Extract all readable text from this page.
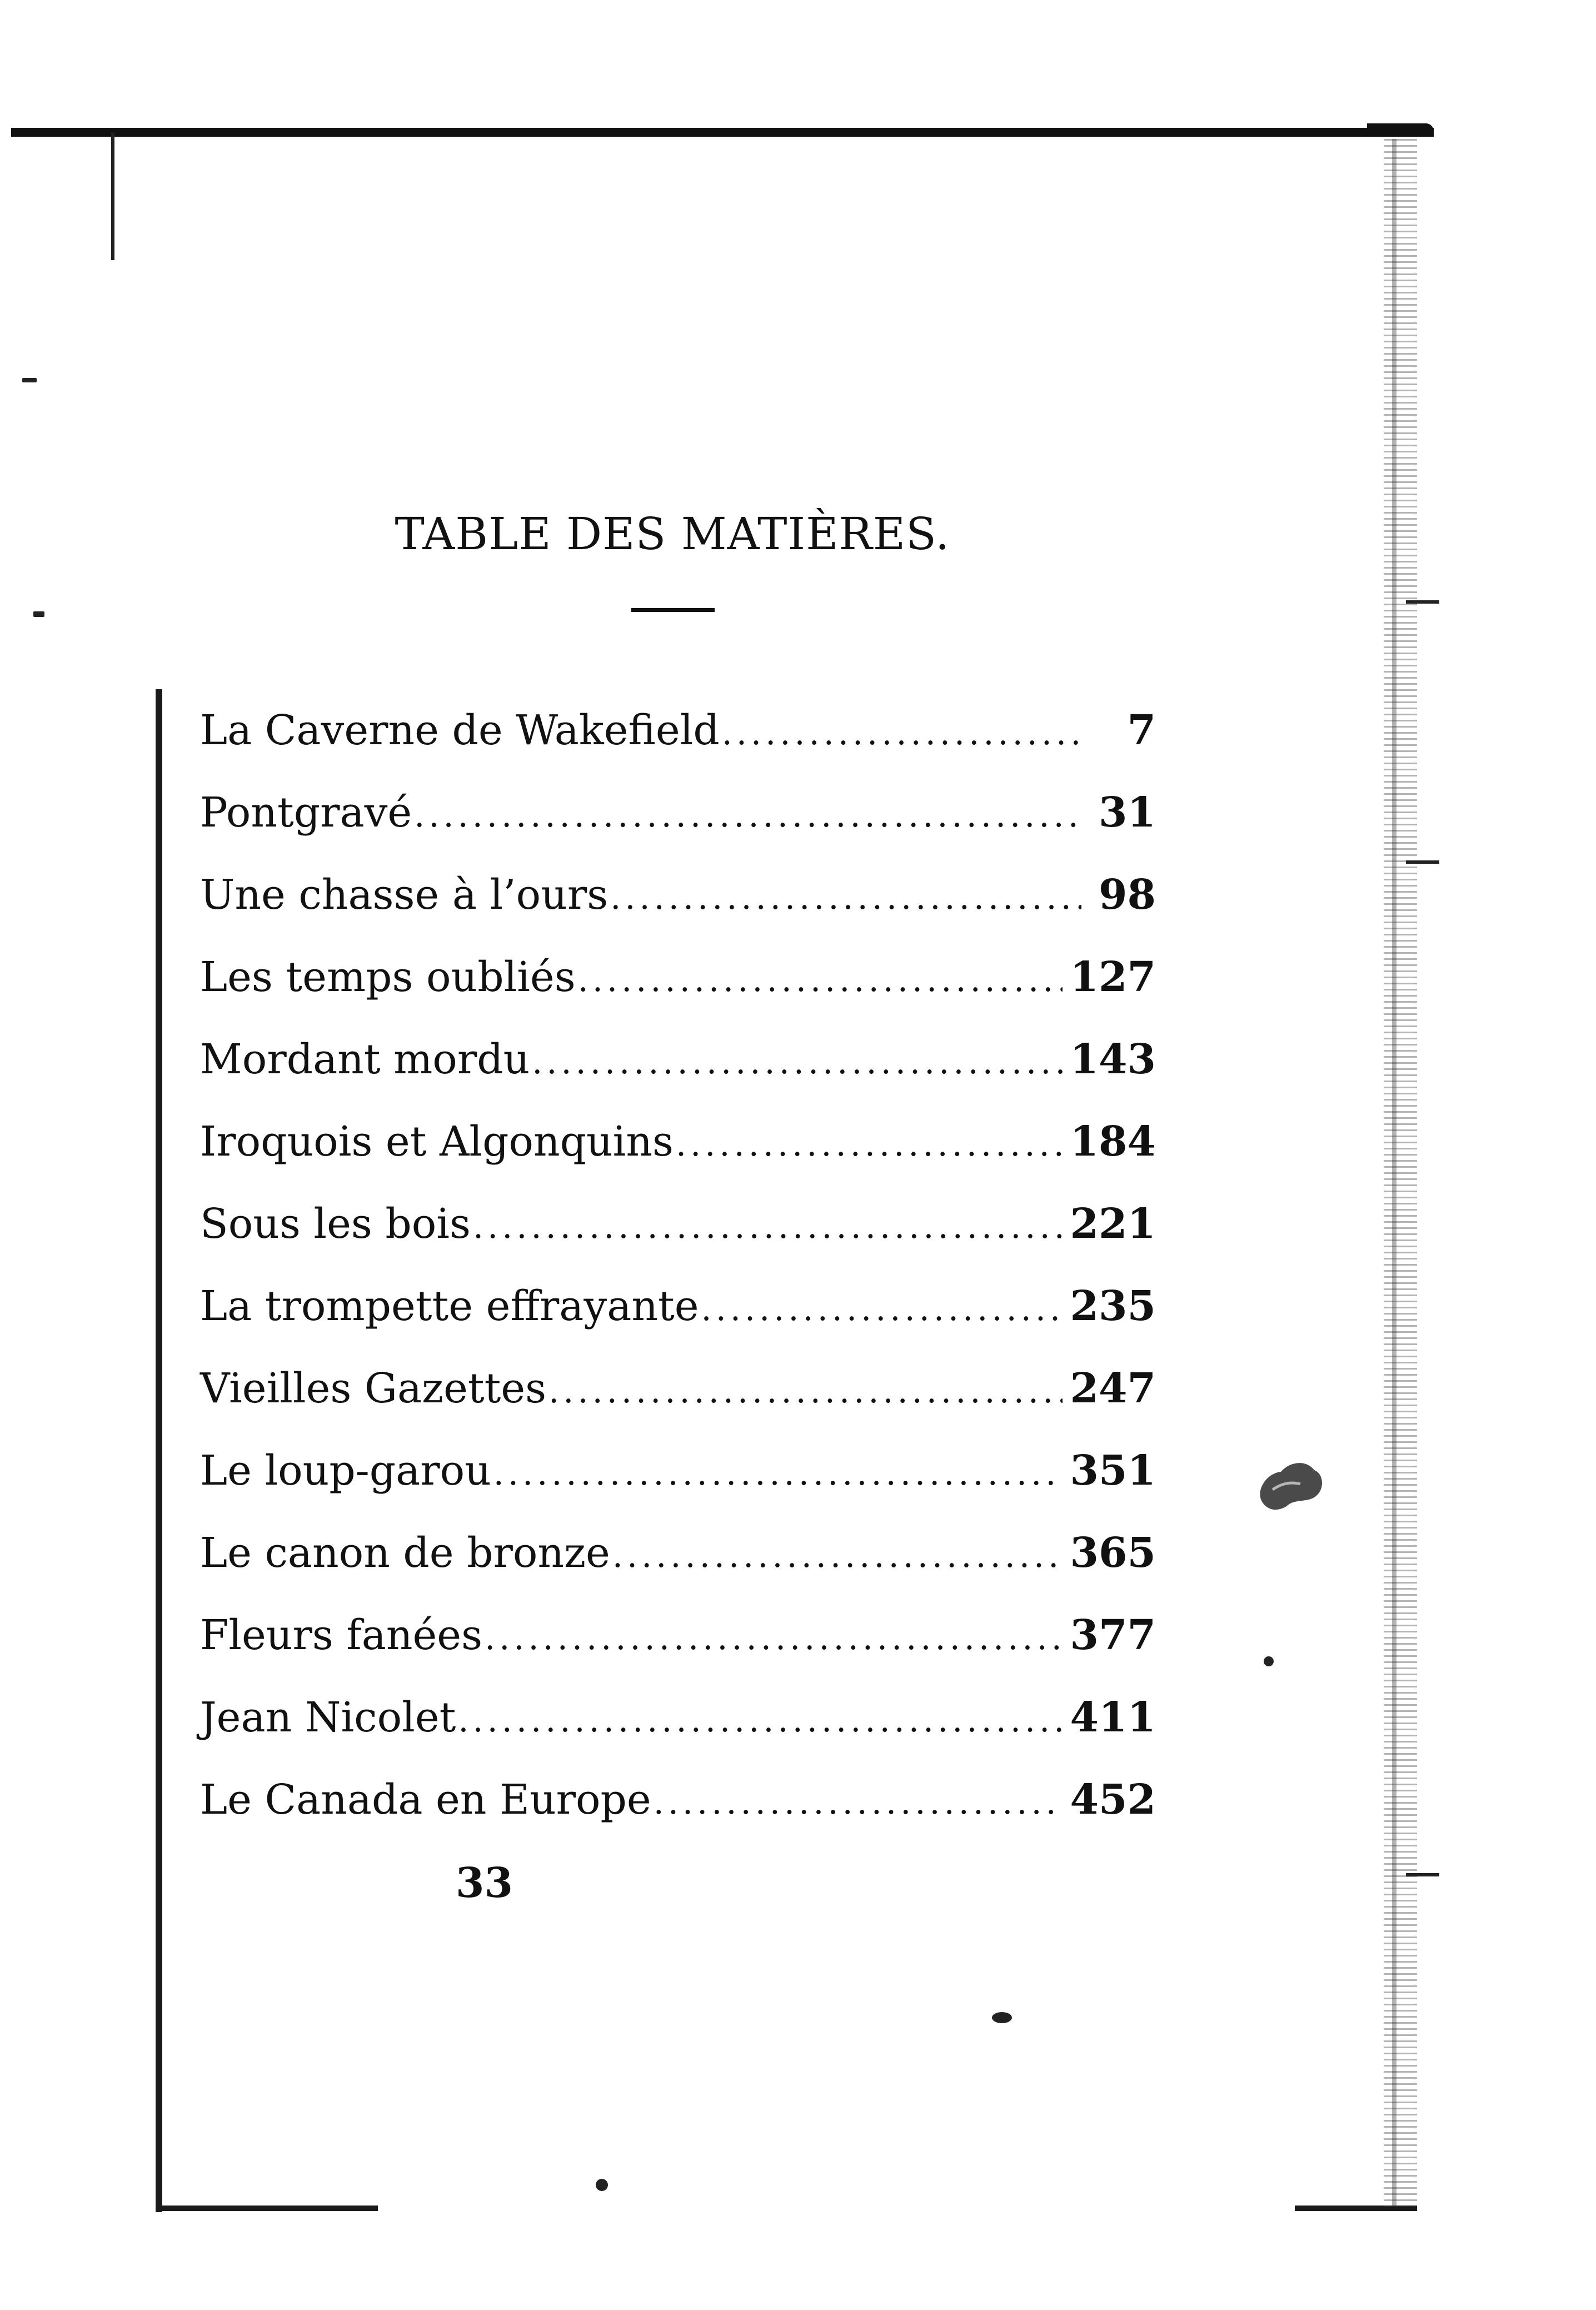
TABLE DES MATIÈRES.
La Caverne de Wakefield . . .	7
Pontgravé . . .	31
Une chasse à l’ours . . .	98
Les temps oubliés . . .	127
Mordant mordu . . .	143
Iroquois et Algonquins . . .	184
Sous les bois . . .	221
La trompette effrayante . . .	235
Vieilles Gazettes . . .	247
Le loup-garou . . .	351
Le canon de bronze . . .	365
Fleurs fanées . . .	377
Jean Nicolet . . .	411
Le Canada en Europe . . .	452
33
